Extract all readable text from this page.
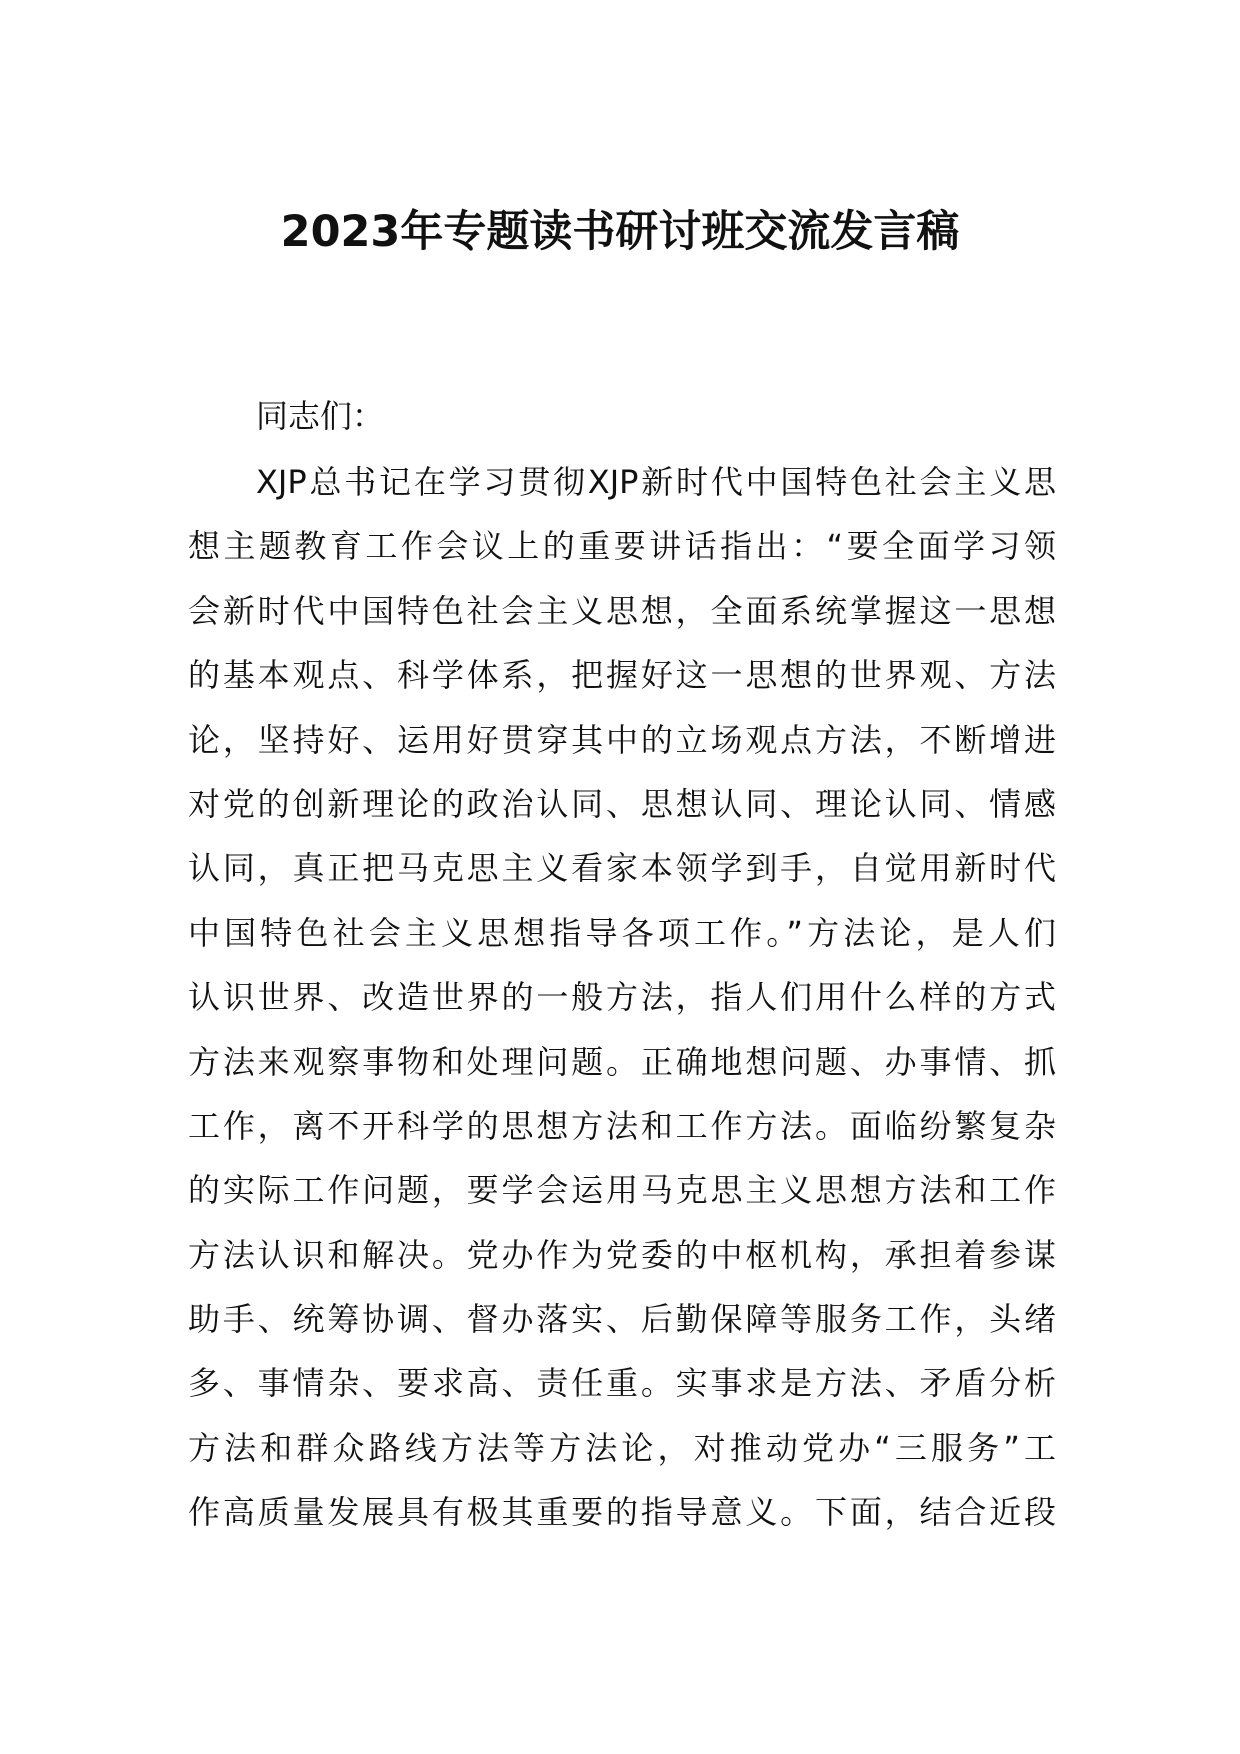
2023年专题读书研讨班交流发言稿
同志们：
XJP总书记在学习贯彻XJP新时代中国特色社会主义思
想主题教育工作会议上的重要讲话指出：“要全面学习领
会新时代中国特色社会主义思想，全面系统掌握这一思想
的基本观点、科学体系，把握好这一思想的世界观、方法
论，坚持好、运用好贯穿其中的立场观点方法，不断增进
对党的创新理论的政治认同、思想认同、理论认同、情感
认同，真正把马克思主义看家本领学到手，自觉用新时代
中国特色社会主义思想指导各项工作。”方法论，是人们
认识世界、改造世界的一般方法，指人们用什么样的方式
方法来观察事物和处理问题。正确地想问题、办事情、抓
工作，离不开科学的思想方法和工作方法。面临纷繁复杂
的实际工作问题，要学会运用马克思主义思想方法和工作
方法认识和解决。党办作为党委的中枢机构，承担着参谋
助手、统筹协调、督办落实、后勤保障等服务工作，头绪
多、事情杂、要求高、责任重。实事求是方法、矛盾分析
方法和群众路线方法等方法论，对推动党办“三服务”工
作高质量发展具有极其重要的指导意义。下面，结合近段
